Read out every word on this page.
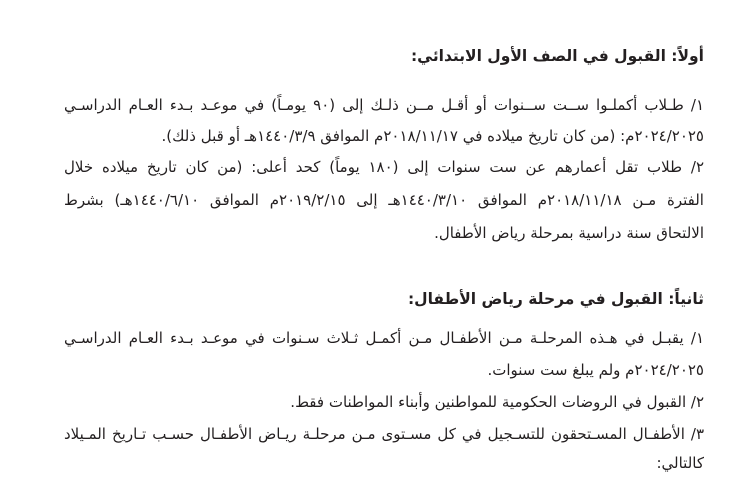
أولاً: القبول في الصف الأول الابتدائي:
١/ طـلاب أكملـوا ســت ســنوات أو أقـل مــن ذلـك إلى (٩٠ يومـاً) في موعـد بـدء العـام الدراسـي
٢٠٢٤/٢٠٢٥م: (من كان تاريخ ميلاده في ٢٠١٨/١١/١٧م الموافق ١٤٤٠/٣/٩هـ أو قبل ذلك).
٢/ طلاب تقل أعمارهم عن ست سنوات إلى (١٨٠ يوماً) كحد أعلى: (من كان تاريخ ميلاده خلال
الفترة مـن ٢٠١٨/١١/١٨م الموافق ١٤٤٠/٣/١٠هـ إلى ٢٠١٩/٢/١٥م الموافق ١٤٤٠/٦/١٠هـ) بشرط
الالتحاق سنة دراسية بمرحلة رياض الأطفال.
ثانياً: القبول في مرحلة رياض الأطفال:
١/ يقبـل في هـذه المرحلـة مـن الأطفـال مـن أكمـل ثـلاث سـنوات في موعـد بـدء العـام الدراسـي
٢٠٢٤/٢٠٢٥م ولم يبلغ ست سنوات.
٢/ القبول في الروضات الحكومية للمواطنين وأبناء المواطنات فقط.
٣/ الأطفـال المسـتحقون للتسـجيل في كل مسـتوى مـن مرحلـة ريـاض الأطفـال حسـب تـاريخ المـيلاد
كالتالي:
